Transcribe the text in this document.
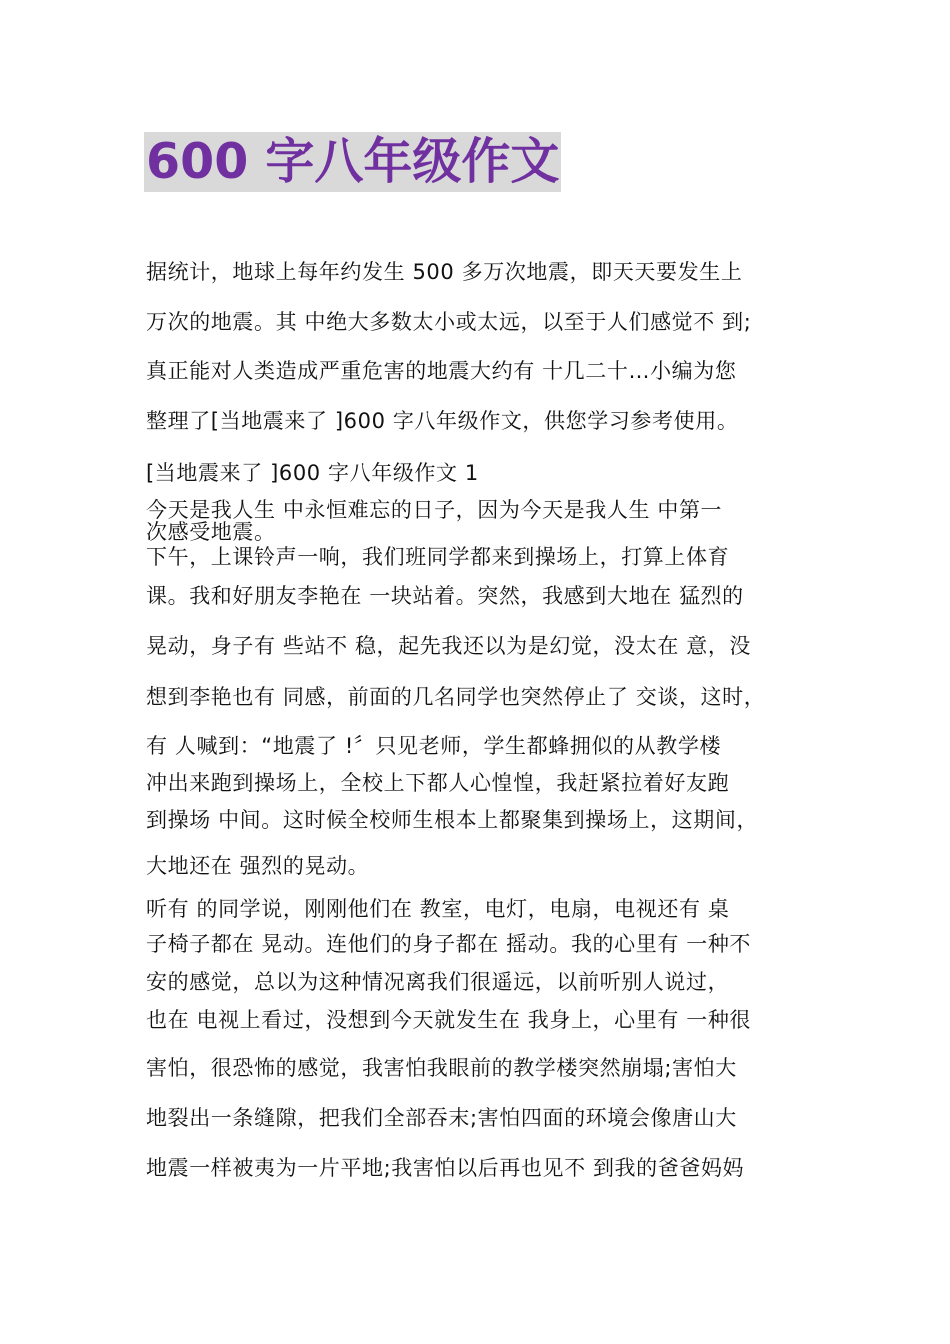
600 字八年级作文
据统计，地球上每年约发生 500 多万次地震，即天天要发生上
万次的地震。其 中绝大多数太小或太远，以至于人们感觉不 到;
真正能对人类造成严重危害的地震大约有 十几二十…小编为您
整理了[当地震来了 ]600 字八年级作文，供您学习参考使用。
[当地震来了 ]600 字八年级作文 1
今天是我人生 中永恒难忘的日子，因为今天是我人生 中第一
次感受地震。
下午，上课铃声一响，我们班同学都来到操场上，打算上体育
课。我和好朋友李艳在 一块站着。突然，我感到大地在 猛烈的
晃动，身子有 些站不 稳，起先我还以为是幻觉，没太在 意，没
想到李艳也有 同感，前面的几名同学也突然停止了 交谈，这时，
有 人喊到：“地震了 !〞只见老师，学生都蜂拥似的从教学楼
冲出来跑到操场上，全校上下都人心惶惶，我赶紧拉着好友跑
到操场 中间。这时候全校师生根本上都聚集到操场上，这期间，
大地还在 强烈的晃动。
听有 的同学说，刚刚他们在 教室，电灯，电扇，电视还有 桌
子椅子都在 晃动。连他们的身子都在 摇动。我的心里有 一种不
安的感觉，总以为这种情况离我们很遥远，以前听别人说过，
也在 电视上看过，没想到今天就发生在 我身上，心里有 一种很
害怕，很恐怖的感觉，我害怕我眼前的教学楼突然崩塌;害怕大
地裂出一条缝隙，把我们全部吞末;害怕四面的环境会像唐山大
地震一样被夷为一片平地;我害怕以后再也见不 到我的爸爸妈妈
